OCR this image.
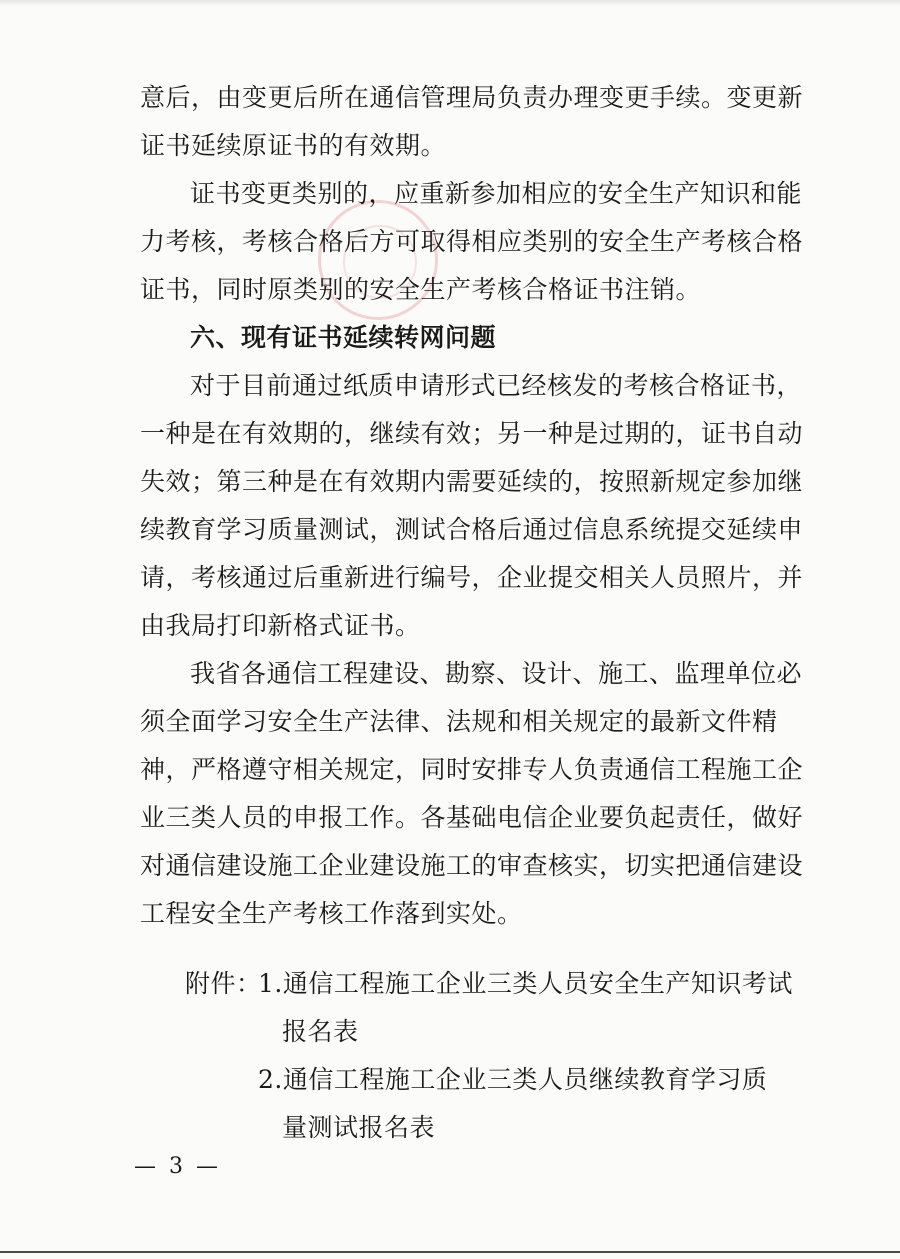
意后，由变更后所在通信管理局负责办理变更手续。变更新
证书延续原证书的有效期。
证书变更类别的，应重新参加相应的安全生产知识和能
力考核，考核合格后方可取得相应类别的安全生产考核合格
证书，同时原类别的安全生产考核合格证书注销。
六、现有证书延续转网问题
对于目前通过纸质申请形式已经核发的考核合格证书，
一种是在有效期的，继续有效；另一种是过期的，证书自动
失效；第三种是在有效期内需要延续的，按照新规定参加继
续教育学习质量测试，测试合格后通过信息系统提交延续申
请，考核通过后重新进行编号，企业提交相关人员照片，并
由我局打印新格式证书。
我省各通信工程建设、勘察、设计、施工、监理单位必
须全面学习安全生产法律、法规和相关规定的最新文件精
神，严格遵守相关规定，同时安排专人负责通信工程施工企
业三类人员的申报工作。各基础电信企业要负起责任，做好
对通信建设施工企业建设施工的审查核实，切实把通信建设
工程安全生产考核工作落到实处。
附件：
1.通信工程施工企业三类人员安全生产知识考试
报名表
2.通信工程施工企业三类人员继续教育学习质
量测试报名表
— 3 —
